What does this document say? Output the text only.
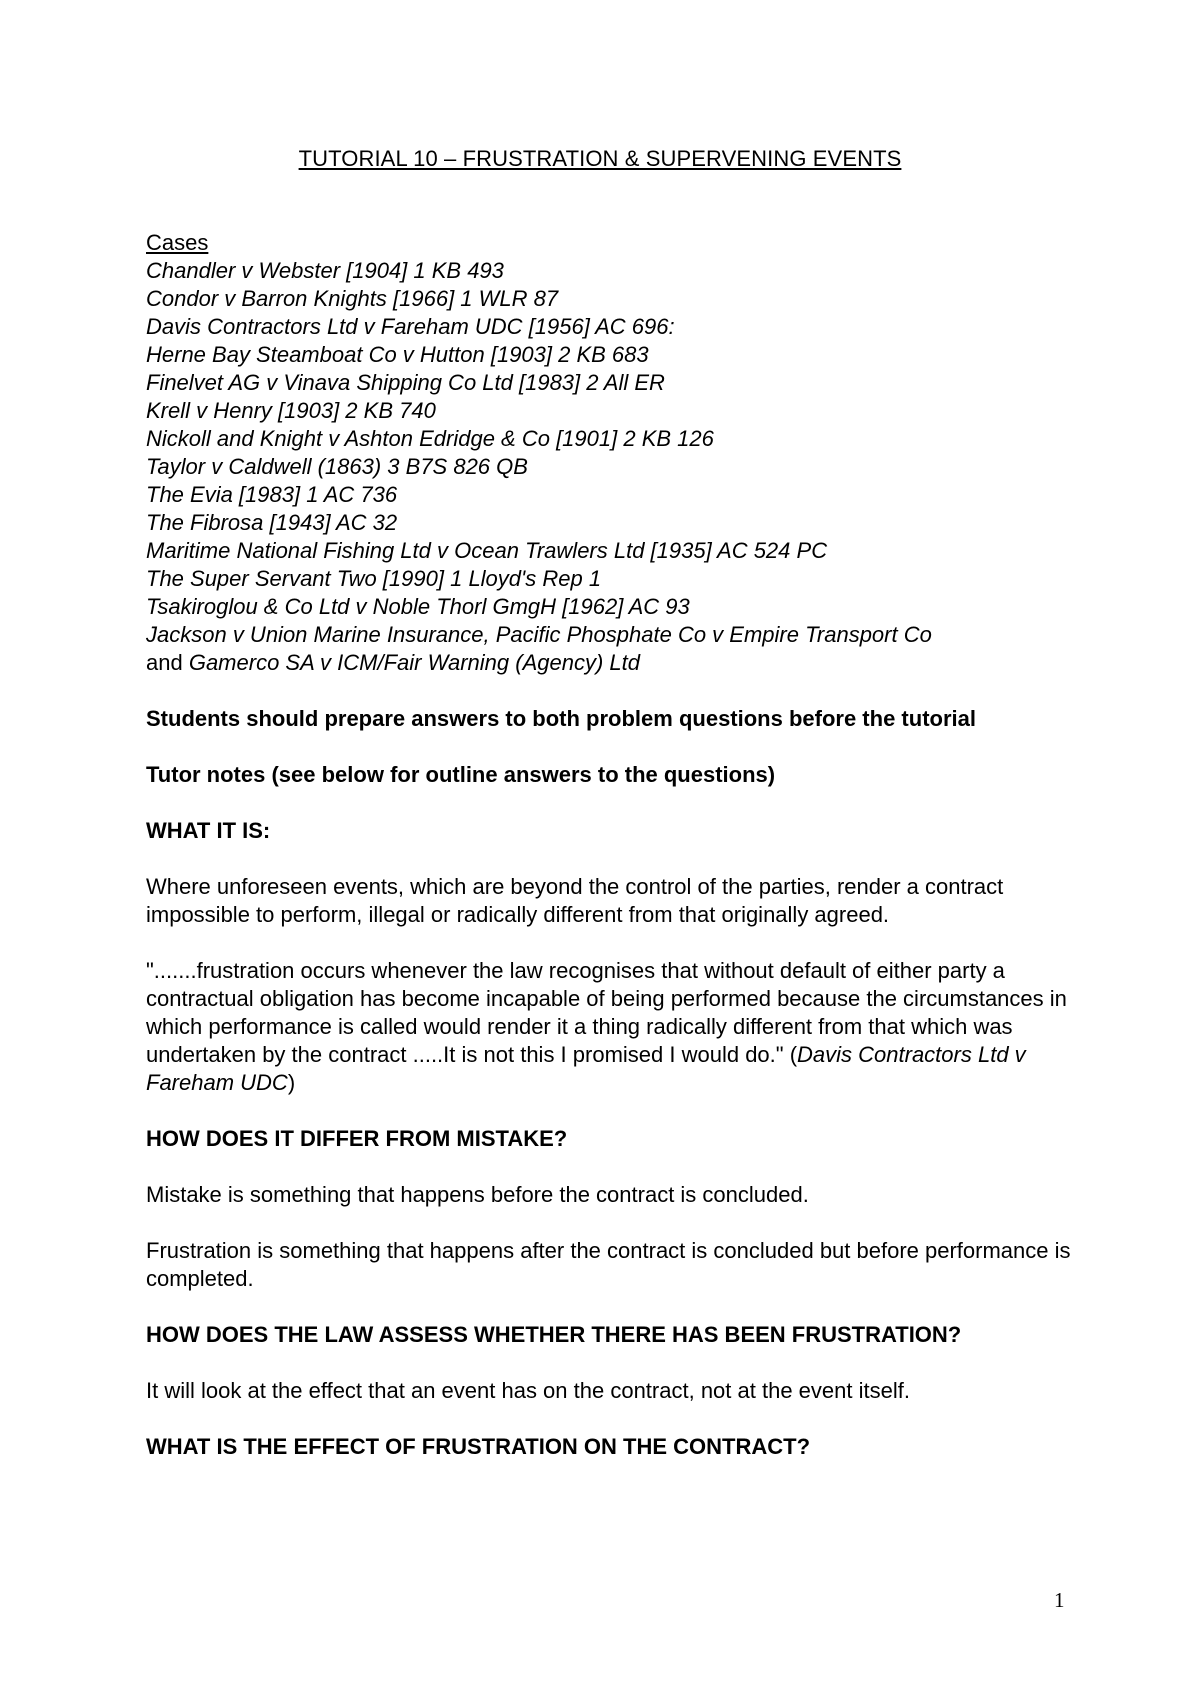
TUTORIAL 10 – FRUSTRATION & SUPERVENING EVENTS

Cases

Chandler v Webster [1904] 1 KB 493

Condor v Barron Knights [1966] 1 WLR 87

Davis Contractors Ltd v Fareham UDC [1956] AC 696:

Herne Bay Steamboat Co v Hutton [1903] 2 KB 683

Finelvet AG v Vinava Shipping Co Ltd [1983] 2 All ER

Krell v Henry [1903] 2 KB 740

Nickoll and Knight v Ashton Edridge & Co [1901] 2 KB 126

Taylor v Caldwell (1863) 3 B7S 826 QB

The Evia [1983] 1 AC 736

The Fibrosa [1943] AC 32

Maritime National Fishing Ltd v Ocean Trawlers Ltd [1935] AC 524 PC

The Super Servant Two [1990] 1 Lloyd's Rep 1

Tsakiroglou & Co Ltd v Noble Thorl GmgH [1962] AC 93

Jackson v Union Marine Insurance, Pacific Phosphate Co v Empire Transport Co

and Gamerco SA v ICM/Fair Warning (Agency) Ltd

Students should prepare answers to both problem questions before the tutorial

Tutor notes (see below for outline answers to the questions)

WHAT IT IS:

Where unforeseen events, which are beyond the control of the parties, render a contract impossible to perform, illegal or radically different from that originally agreed.

".......frustration occurs whenever the law recognises that without default of either party a contractual obligation has become incapable of being performed because the circumstances in which performance is called would render it a thing radically different from that which was undertaken by the contract .....It is not this I promised I would do." (Davis Contractors Ltd v Fareham UDC)

HOW DOES IT DIFFER FROM MISTAKE?

Mistake is something that happens before the contract is concluded.

Frustration is something that happens after the contract is concluded but before performance is completed.

HOW DOES THE LAW ASSESS WHETHER THERE HAS BEEN FRUSTRATION?

It will look at the effect that an event has on the contract, not at the event itself.

WHAT IS THE EFFECT OF FRUSTRATION ON THE CONTRACT?

1
